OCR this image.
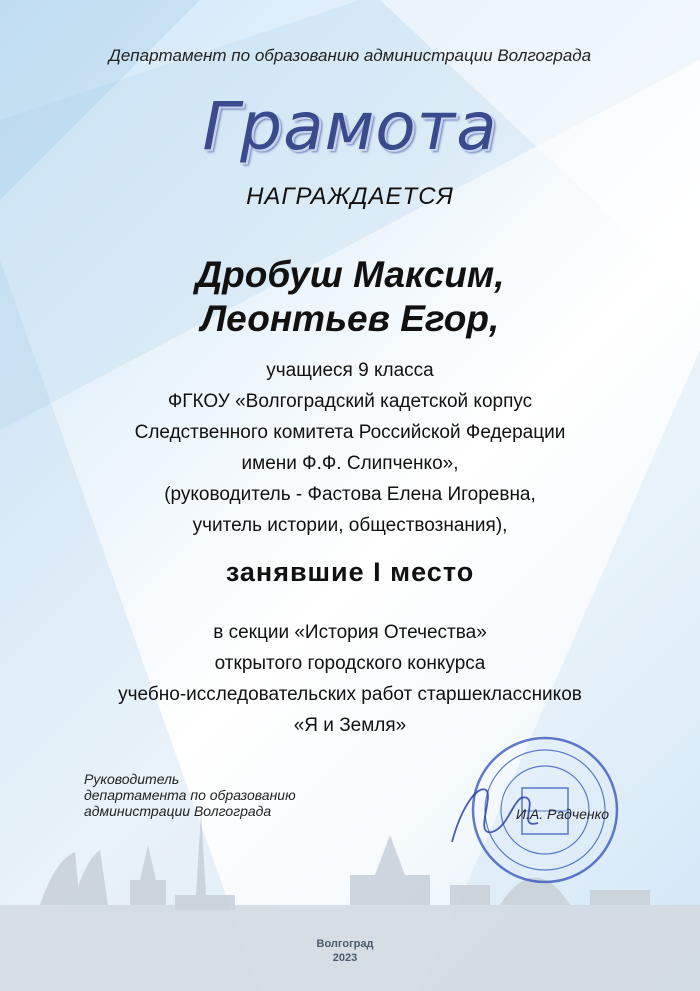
Департамент по образованию администрации Волгограда
Грамота
НАГРАЖДАЕТСЯ
Дробуш Максим,
Леонтьев Егор,
учащиеся 9 класса
ФГКОУ «Волгоградский кадетской корпус
Следственного комитета Российской Федерации
имени Ф.Ф. Слипченко»,
(руководитель - Фастова Елена Игоревна,
учитель истории, обществознания),
занявшие I место
в секции «История Отечества»
открытого городского конкурса
учебно-исследовательских работ старшеклассников
«Я и Земля»
Руководитель
департамента по образованию
администрации Волгограда	И.А. Радченко
Волгоград
2023
